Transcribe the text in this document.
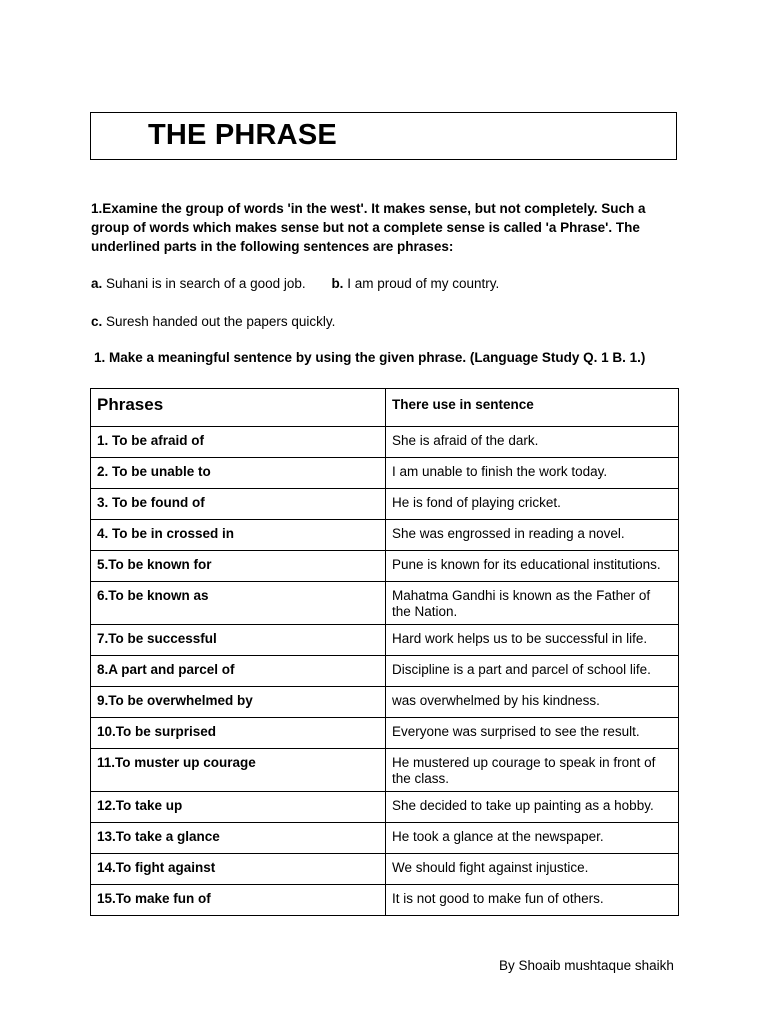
THE PHRASE

1.Examine the group of words 'in the west'. It makes sense, but not completely. Such a group of words which makes sense but not a complete sense is called 'a Phrase'. The underlined parts in the following sentences are phrases:

a. Suhani is in search of a good job. b. I am proud of my country.
c. Suresh handed out the papers quickly.
1. Make a meaningful sentence by using the given phrase. (Language Study Q. 1 B. 1.)
Phrases	There use in sentence
1. To be afraid of	She is afraid of the dark.
2. To be unable to	I am unable to finish the work today.
3. To be found of	He is fond of playing cricket.
4. To be in crossed in	She was engrossed in reading a novel.
5.To be known for	Pune is known for its educational institutions.
6.To be known as	Mahatma Gandhi is known as the Father of the Nation.
7.To be successful	Hard work helps us to be successful in life.
8.A part and parcel of	Discipline is a part and parcel of school life.
9.To be overwhelmed by	was overwhelmed by his kindness.
10.To be surprised	Everyone was surprised to see the result.
11.To muster up courage	He mustered up courage to speak in front of the class.
12.To take up	She decided to take up painting as a hobby.
13.To take a glance	He took a glance at the newspaper.
14.To fight against	We should fight against injustice.
15.To make fun of	It is not good to make fun of others.
By Shoaib mushtaque shaikh
